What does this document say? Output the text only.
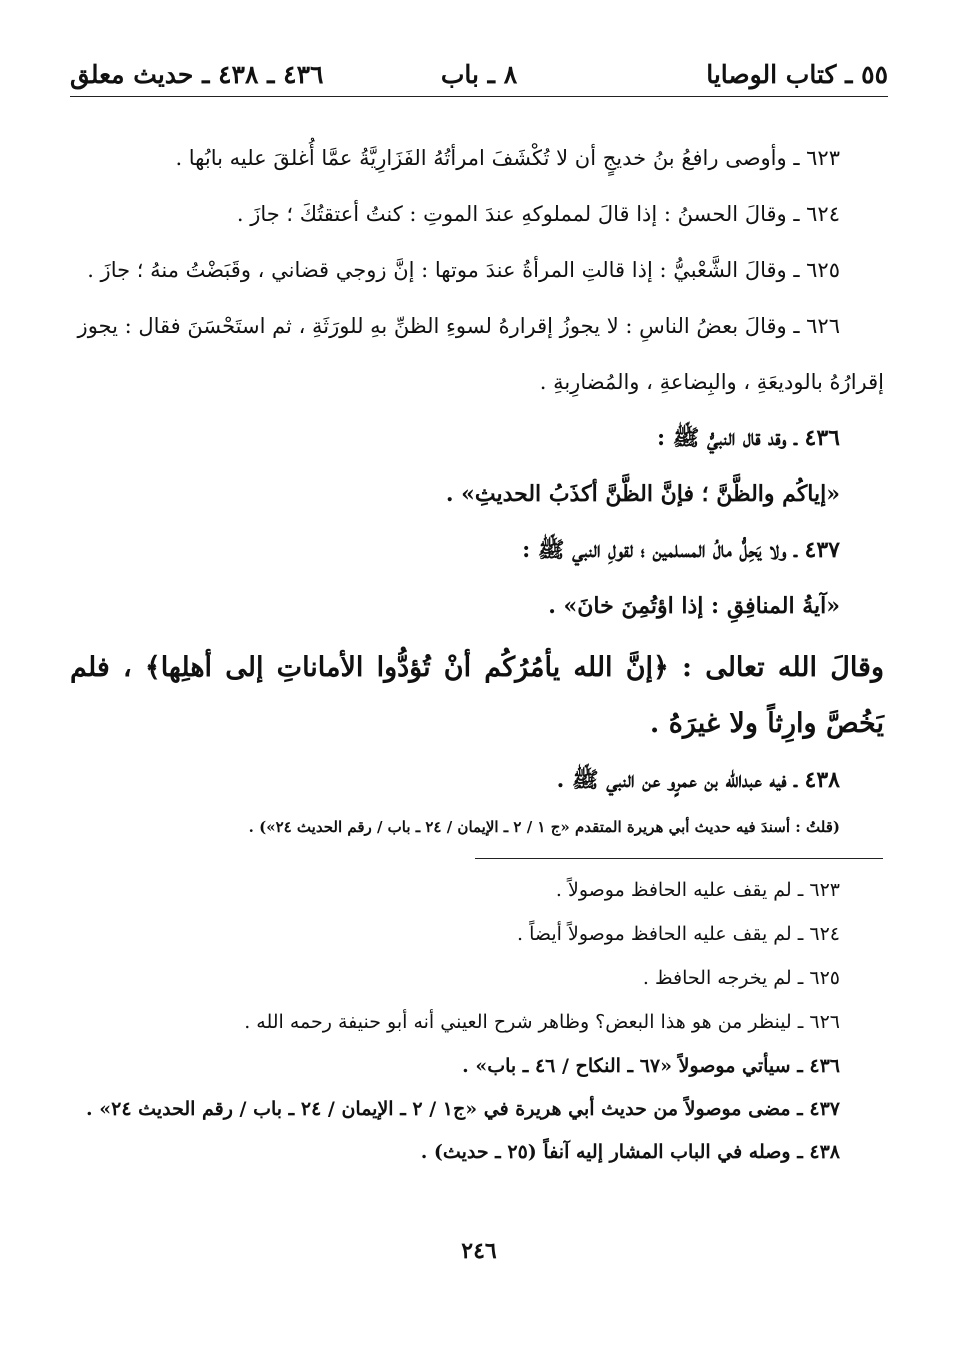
٥٥ ـ كتاب الوصايا
٨ ـ باب
٤٣٦ ـ ٤٣٨ ـ حديث معلق
٦٢٣ ـ وأوصى رافعُ بنُ خديجٍ أن لا تُكْشَفَ امرأتُهُ الفَزَارِيَّةُ عمَّا أُغلقَ عليه بابُها .
٦٢٤ ـ وقالَ الحسنُ : إذا قالَ لمملوكهِ عندَ الموتِ : كنتُ أعتقتُكَ ؛ جازَ .
٦٢٥ ـ وقالَ الشَّعْبيُّ : إذا قالتِ المرأةُ عندَ موتها : إنَّ زوجي قضاني ، وقَبَضْتُ منهُ ؛ جازَ .
٦٢٦ ـ وقالَ بعضُ الناسِ : لا يجوزُ إقرارهُ لسوءِ الظنِّ بهِ للورَثَةِ ، ثم استَحْسَنَ فقال : يجوز
إقرارُهُ بالوديعَةِ ، والبِضاعةِ ، والمُضارِبةِ .
٤٣٦ ـ وقد قال النبيُّ ﷺ :
«إياكُم والظَّنَّ ؛ فإنَّ الظَّنَّ أكذَبُ الحديثِ» .
٤٣٧ ـ ولا يَحِلُّ مالُ المسلمين ؛ لقولِ النبي ﷺ :
«آيةُ المنافِقِ : إذا اؤتُمِنَ خانَ» .
وقالَ الله تعالى : ﴿إنَّ الله يأمُرُكُم أنْ تُؤدُّوا الأماناتِ إلى أهلِها﴾ ، فلم يَخُصَّ وارِثاً ولا غيرَهُ .
٤٣٨ ـ فيه عبدالله بن عمرٍو عن النبي ﷺ .
(قلتُ : أسندَ فيه حديث أبي هريرة المتقدم «ج ١ / ٢ ـ الإيمان / ٢٤ ـ باب / رقم الحديث ٢٤») .
٦٢٣ ـ لم يقف عليه الحافظ موصولاً .
٦٢٤ ـ لم يقف عليه الحافظ موصولاً أيضاً .
٦٢٥ ـ لم يخرجه الحافظ .
٦٢٦ ـ لينظر من هو هذا البعض؟ وظاهر شرح العيني أنه أبو حنيفة رحمه الله .
٤٣٦ ـ سيأتي موصولاً «٦٧ ـ النكاح / ٤٦ ـ باب» .
٤٣٧ ـ مضى موصولاً من حديث أبي هريرة في «ج١ / ٢ ـ الإيمان / ٢٤ ـ باب / رقم الحديث ٢٤» .
٤٣٨ ـ وصله في الباب المشار إليه آنفاً (٢٥ ـ حديث) .
٢٤٦
